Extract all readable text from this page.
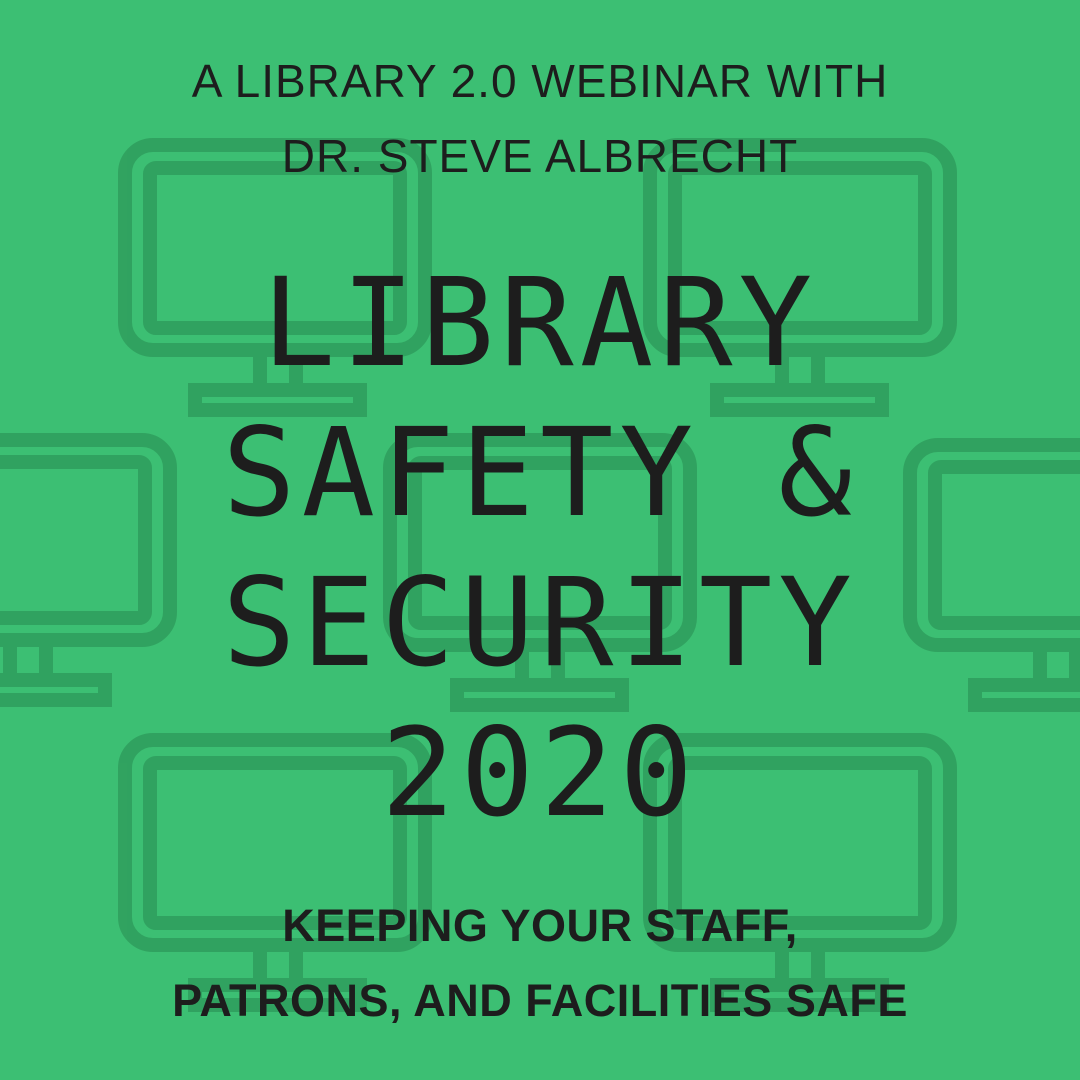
A LIBRARY 2.0 WEBINAR WITH
DR. STEVE ALBRECHT
LIBRARY
SAFETY &
SECURITY
2020
KEEPING YOUR STAFF,
PATRONS, AND FACILITIES SAFE
